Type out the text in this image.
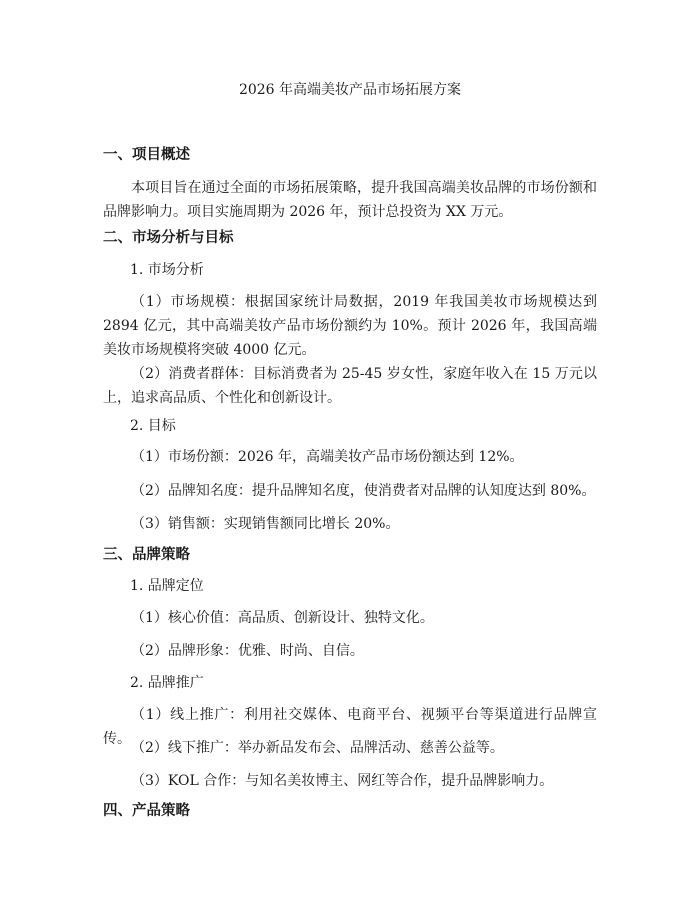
2026 年高端美妆产品市场拓展方案
一、项目概述
本项目旨在通过全面的市场拓展策略，提升我国高端美妆品牌的市场份额和品牌影响力。项目实施周期为 2026 年，预计总投资为 XX 万元。
二、市场分析与目标
1. 市场分析
（1）市场规模：根据国家统计局数据，2019 年我国美妆市场规模达到 2894 亿元，其中高端美妆产品市场份额约为 10%。预计 2026 年，我国高端美妆市场规模将突破 4000 亿元。
（2）消费者群体：目标消费者为 25-45 岁女性，家庭年收入在 15 万元以上，追求高品质、个性化和创新设计。
2. 目标
（1）市场份额：2026 年，高端美妆产品市场份额达到 12%。
（2）品牌知名度：提升品牌知名度，使消费者对品牌的认知度达到 80%。
（3）销售额：实现销售额同比增长 20%。
三、品牌策略
1. 品牌定位
（1）核心价值：高品质、创新设计、独特文化。
（2）品牌形象：优雅、时尚、自信。
2. 品牌推广
（1）线上推广：利用社交媒体、电商平台、视频平台等渠道进行品牌宣传。
（2）线下推广：举办新品发布会、品牌活动、慈善公益等。
（3）KOL 合作：与知名美妆博主、网红等合作，提升品牌影响力。
四、产品策略
